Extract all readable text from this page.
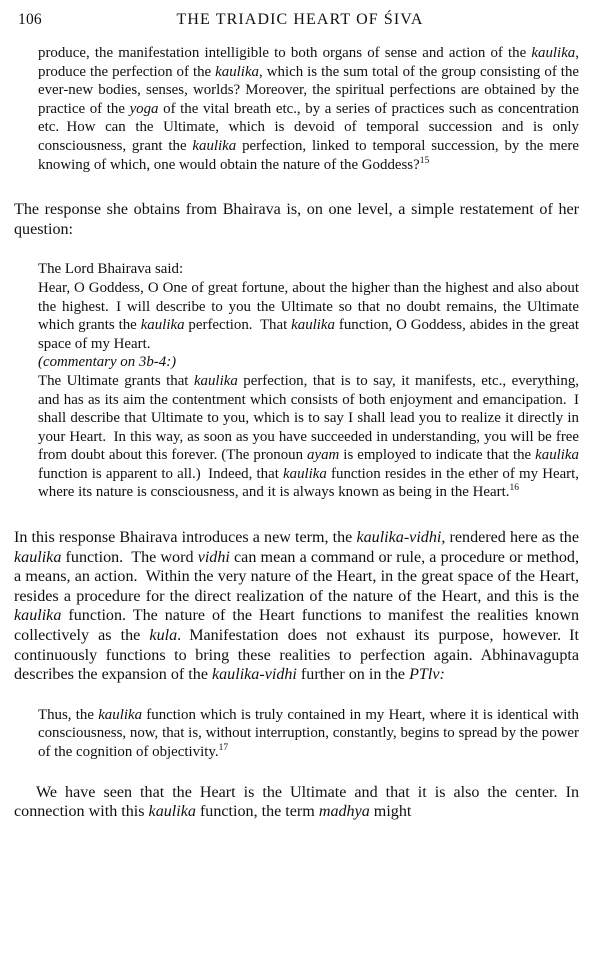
106	THE TRIADIC HEART OF ŚIVA

produce, the manifestation intelligible to both organs of sense and action of the kaulika, produce the perfection of the kaulika, which is the sum total of the group consisting of the ever-new bodies, senses, worlds? Moreover, the spiritual perfections are obtained by the practice of the yoga of the vital breath etc., by a series of practices such as concentration etc. How can the Ultimate, which is devoid of temporal succession and is only consciousness, grant the kaulika perfection, linked to temporal succession, by the mere knowing of which, one would obtain the nature of the Goddess?$^{15}$

The response she obtains from Bhairava is, on one level, a simple restatement of her question:

The Lord Bhairava said:

Hear, O Goddess, O One of great fortune, about the higher than the highest and also about the highest. I will describe to you the Ultimate so that no doubt remains, the Ultimate which grants the kaulika perfection. That kaulika function, O Goddess, abides in the great space of my Heart.

(commentary on 3b-4:)

The Ultimate grants that kaulika perfection, that is to say, it manifests, etc., everything, and has as its aim the contentment which consists of both enjoyment and emancipation. I shall describe that Ultimate to you, which is to say I shall lead you to realize it directly in your Heart. In this way, as soon as you have succeeded in understanding, you will be free from doubt about this forever. (The pronoun ayam is employed to indicate that the kaulika function is apparent to all.) Indeed, that kaulika function resides in the ether of my Heart, where its nature is consciousness, and it is always known as being in the Heart.$^{16}$

In this response Bhairava introduces a new term, the kaulika-vidhi, rendered here as the kaulika function. The word vidhi can mean a command or rule, a procedure or method, a means, an action. Within the very nature of the Heart, in the great space of the Heart, resides a procedure for the direct realization of the nature of the Heart, and this is the kaulika function. The nature of the Heart functions to manifest the realities known collectively as the kula. Manifestation does not exhaust its purpose, however. It continuously functions to bring these realities to perfection again. Abhinavagupta describes the expansion of the kaulika-vidhi further on in the PTlv:

Thus, the kaulika function which is truly contained in my Heart, where it is identical with consciousness, now, that is, without interruption, constantly, begins to spread by the power of the cognition of objectivity.$^{17}$

We have seen that the Heart is the Ultimate and that it is also the center. In connection with this kaulika function, the term madhya might
